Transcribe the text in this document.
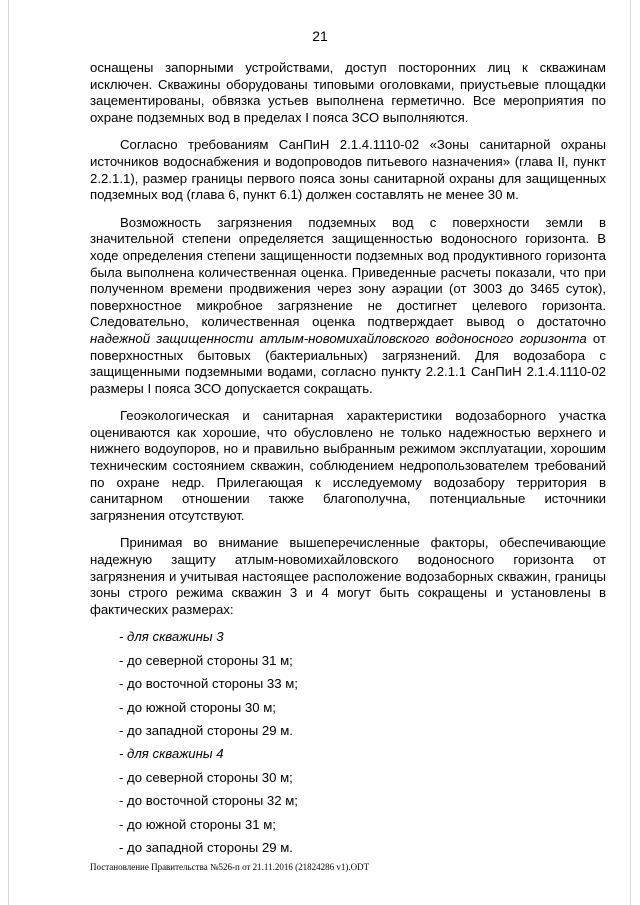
21

оснащены запорными устройствами, доступ посторонних лиц к скважинам исключен. Скважины оборудованы типовыми оголовками, приустьевые площадки зацементированы, обвязка устьев выполнена герметично. Все мероприятия по охране подземных вод в пределах I пояса ЗСО выполняются.

Согласно требованиям СанПиН 2.1.4.1110-02 «Зоны санитарной охраны источников водоснабжения и водопроводов питьевого назначения» (глава II, пункт 2.2.1.1), размер границы первого пояса зоны санитарной охраны для защищенных подземных вод (глава 6, пункт 6.1) должен составлять не менее 30 м.

Возможность загрязнения подземных вод с поверхности земли в значительной степени определяется защищенностью водоносного горизонта. В ходе определения степени защищенности подземных вод продуктивного горизонта была выполнена количественная оценка. Приведенные расчеты показали, что при полученном времени продвижения через зону аэрации (от 3003 до 3465 суток), поверхностное микробное загрязнение не достигнет целевого горизонта. Следовательно, количественная оценка подтверждает вывод о достаточно надежной защищенности атлым-новомихайловского водоносного горизонта от поверхностных бытовых (бактериальных) загрязнений. Для водозабора с защищенными подземными водами, согласно пункту 2.2.1.1 СанПиН 2.1.4.1110-02 размеры I пояса ЗСО допускается сокращать.

Геоэкологическая и санитарная характеристики водозаборного участка оцениваются как хорошие, что обусловлено не только надежностью верхнего и нижнего водоупоров, но и правильно выбранным режимом эксплуатации, хорошим техническим состоянием скважин, соблюдением недропользователем требований по охране недр. Прилегающая к исследуемому водозабору территория в санитарном отношении также благополучна, потенциальные источники загрязнения отсутствуют.

Принимая во внимание вышеперечисленные факторы, обеспечивающие надежную защиту атлым-новомихайловского водоносного горизонта от загрязнения и учитывая настоящее расположение водозаборных скважин, границы зоны строго режима скважин 3 и 4 могут быть сокращены и установлены в фактических размерах:

- для скважины 3
- до северной стороны 31 м;
- до восточной стороны 33 м;
- до южной стороны 30 м;
- до западной стороны 29 м.
- для скважины 4
- до северной стороны 30 м;
- до восточной стороны 32 м;
- до южной стороны 31 м;
- до западной стороны 29 м.
Постановление Правительства №526-п от 21.11.2016 (21824286 v1).ODT
